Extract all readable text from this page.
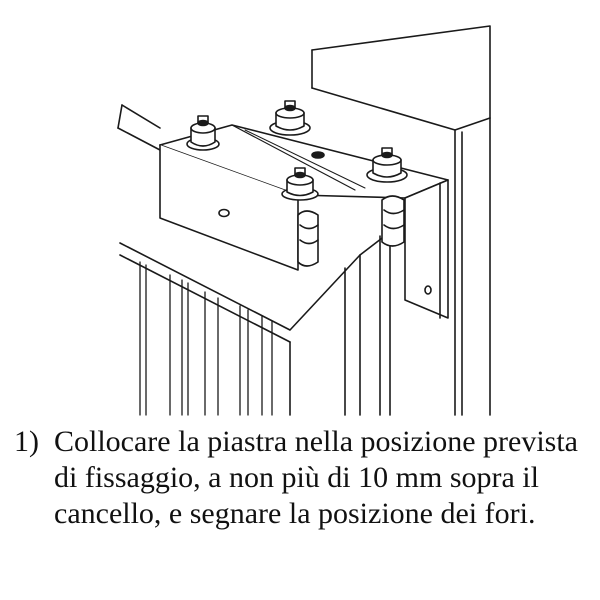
1) Collocare la piastra nella posizione prevista di fissaggio, a non più di 10 mm sopra il cancello, e segnare la posizione dei fori.
